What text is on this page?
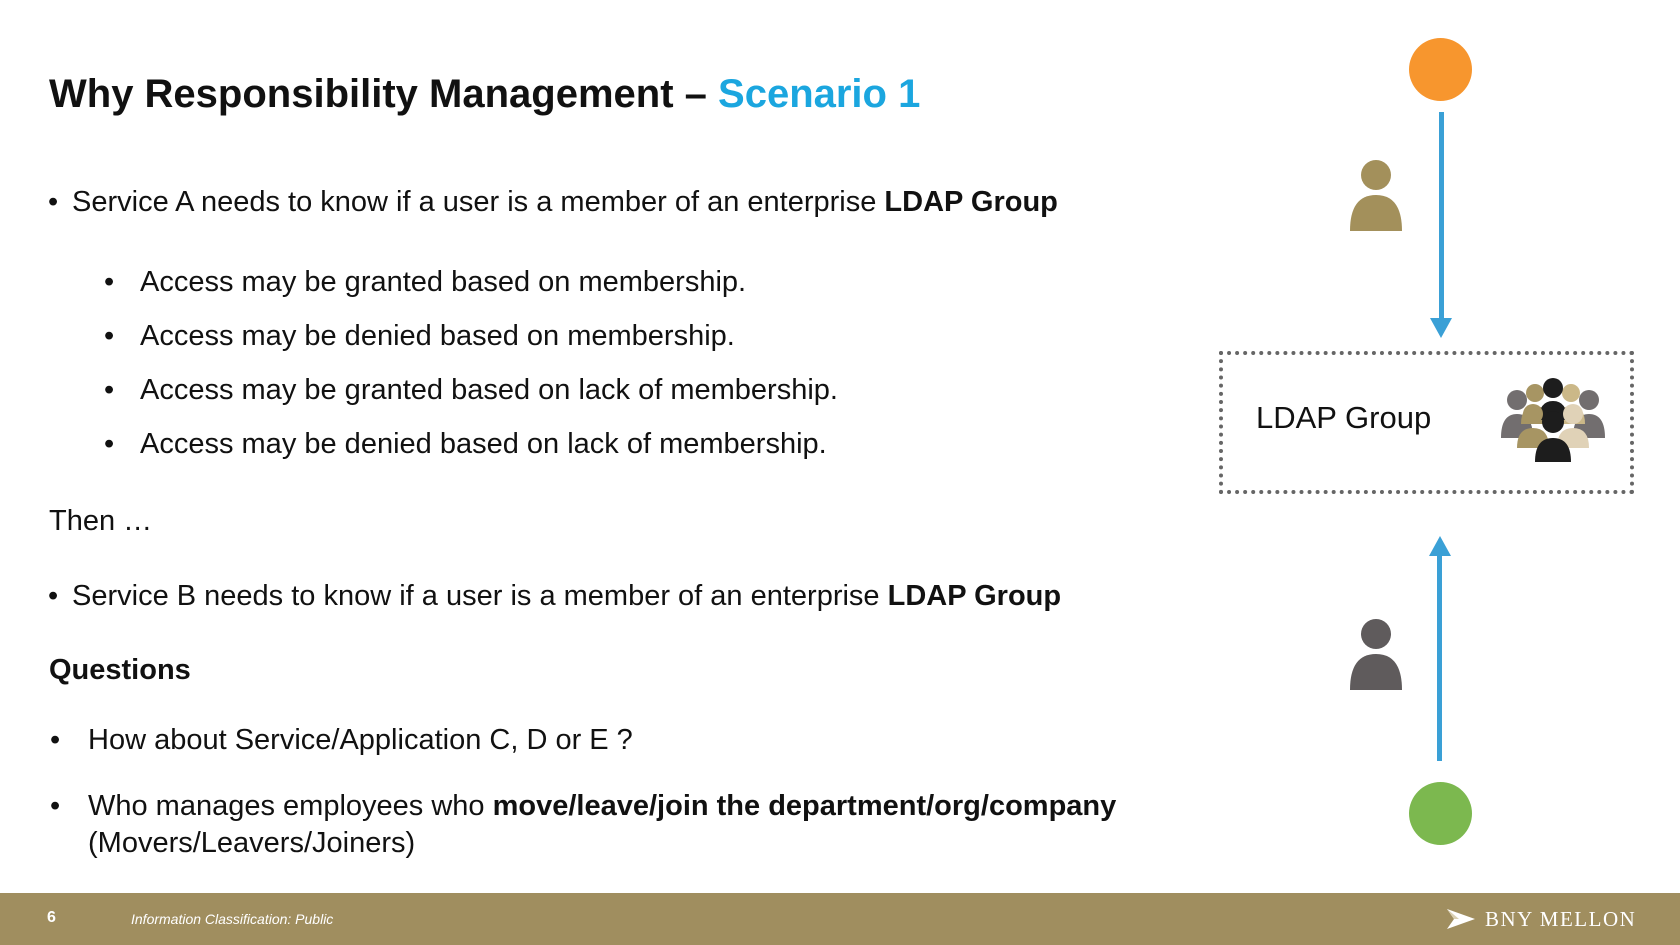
Why Responsibility Management – Scenario 1
• Service A needs to know if a user is a member of an enterprise LDAP Group
• Access may be granted based on membership.
• Access may be denied based on membership.
• Access may be granted based on lack of membership.
• Access may be denied based on lack of membership.
Then …
• Service B needs to know if a user is a member of an enterprise LDAP Group
Questions
• How about Service/Application C, D or E ?
• Who manages employees who move/leave/join the department/org/company
(Movers/Leavers/Joiners)
LDAP Group
6	Information Classification: Public	BNY MELLON
